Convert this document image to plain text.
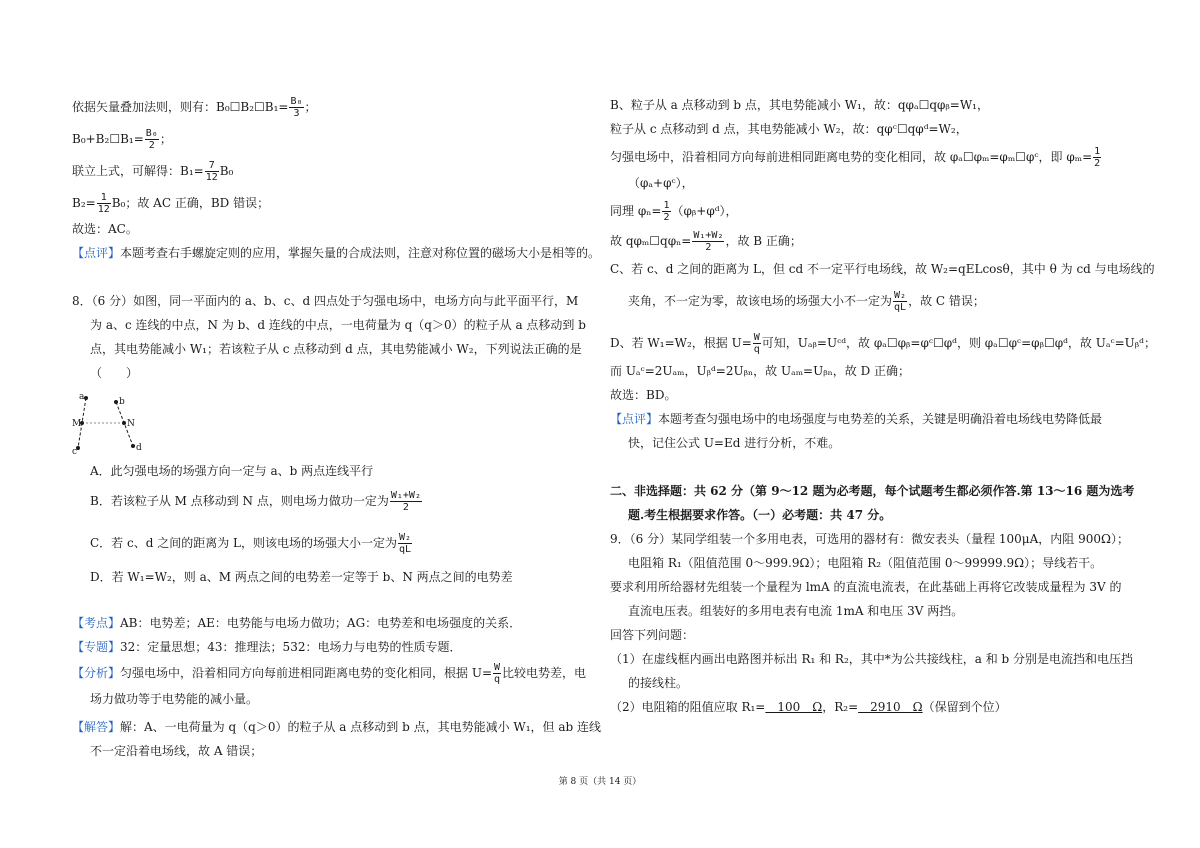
依据矢量叠加法则，则有：B₀☐B₂☐B₁= $\frac{\text{B₀}}{3}$ ；
B₀+B₂☐B₁= $\frac{\text{B₀}}{2}$ ；
联立上式，可解得：$B_1= \frac{7}{12} B_0$
$B_2= \frac{1}{12} B_0$；故 AC 正确，BD 错误；
故选：AC。
【点评】本题考查右手螺旋定则的应用，掌握矢量的合成法则，注意对称位置的磁场大小是相等的。
8．（6 分）如图，同一平面内的 a、b、c、d 四点处于匀强电场中，电场方向与此平面平行，M
为 a、c 连线的中点，N 为 b、d 连线的中点，一电荷量为 q（q＞0）的粒子从 a 点移动到 b
点，其电势能减小 W₁；若该粒子从 c 点移动到 d 点，其电势能减小 W₂，下列说法正确的是
（　　）
a	b
M	N
c	d
A．此匀强电场的场强方向一定与 a、b 两点连线平行
B．若该粒子从 M 点移动到 N 点，则电场力做功一定为 $\frac{\text{W₁+W₂}}{2}$
C．若 c、d 之间的距离为 L，则该电场的场强大小一定为 $\frac{\text{W₂}}{qL}$
D．若 W₁=W₂，则 a、M 两点之间的电势差一定等于 b、N 两点之间的电势差
【考点】AB：电势差；AE：电势能与电场力做功；AG：电势差和电场强度的关系．
【专题】32：定量思想；43：推理法；532：电场力与电势的性质专题．
【分析】匀强电场中，沿着相同方向每前进相同距离电势的变化相同，根据 $U= \frac{W}{q}$ 比较电势差，电
场力做功等于电势能的减小量。
【解答】解：A、一电荷量为 q（q＞0）的粒子从 a 点移动到 b 点，其电势能减小 W₁，但 ab 连线
不一定沿着电场线，故 A 错误；
B、粒子从 a 点移动到 b 点，其电势能减小 W₁，故：qφₐ☐qφᵦ=W₁，
粒子从 c 点移动到 d 点，其电势能减小 W₂，故：qφᶜ☐qφᵈ=W₂，
匀强电场中，沿着相同方向每前进相同距离电势的变化相同，故 φₐ☐φₘ=φₘ☐φᶜ，即 $\varphi_m= \frac{1}{2}$
（φₐ+φᶜ），
同理 $\varphi_n= \frac{1}{2}$ （φᵦ+φᵈ），
故 qφₘ☐qφₙ= $\frac{\text{W₁+W₂}}{2}$ ，故 B 正确；
C、若 c、d 之间的距离为 L，但 cd 不一定平行电场线，故 W₂=qELcosθ，其中 θ 为 cd 与电场线的
夹角，不一定为零，故该电场的场强大小不一定为 $\frac{\text{W₂}}{qL}$ ，故 C 错误；
D、若 W₁=W₂，根据 $U= \frac{W}{q}$ 可知，Uₐᵦ=Uᶜᵈ，故 φₐ☐φᵦ=φᶜ☐φᵈ，则 φₐ☐φᶜ=φᵦ☐φᵈ，故 Uₐᶜ=Uᵦᵈ；
而 Uₐᶜ=2Uₐₘ，Uᵦᵈ=2Uᵦₙ，故 Uₐₘ=Uᵦₙ，故 D 正确；
故选：BD。
【点评】本题考查匀强电场中的电场强度与电势差的关系，关键是明确沿着电场线电势降低最
快，记住公式 U=Ed 进行分析，不难。
二、非选择题：共 62 分（第 9～12 题为必考题，每个试题考生都必须作答.第 13～16 题为选考
题.考生根据要求作答。（一）必考题：共 47 分。
9．（6 分）某同学组装一个多用电表，可选用的器材有：微安表头（量程 100μA，内阻 900Ω）；
电阻箱 R₁（阻值范围 0～999.9Ω）；电阻箱 R₂（阻值范围 0～99999.9Ω）；导线若干。
要求利用所给器材先组装一个量程为 lmA 的直流电流表，在此基础上再将它改装成量程为 3V 的
直流电压表。组装好的多用电表有电流 1mA 和电压 3V 两挡。
回答下列问题：
（1）在虚线框内画出电路图并标出 R₁ 和 R₂，其中*为公共接线柱，a 和 b 分别是电流挡和电压挡
的接线柱。
（2）电阻箱的阻值应取 R₁=　100　Ω，R₂=　2910　Ω（保留到个位）
第 8 页（共 14 页）
